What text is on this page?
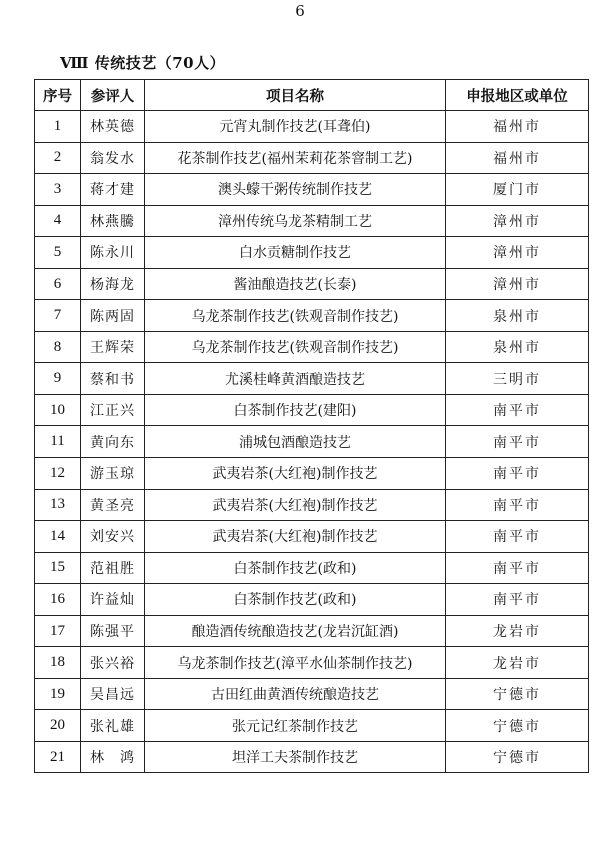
6
Ⅷ 传统技艺（70人）
序号	参评人	项目名称	申报地区或单位
1	林英德	元宵丸制作技艺(耳聋伯)	福州市
2	翁发水	花茶制作技艺(福州茉莉花茶窨制工艺)	福州市
3	蒋才建	澳头蠓干粥传统制作技艺	厦门市
4	林燕騰	漳州传统乌龙茶精制工艺	漳州市
5	陈永川	白水贡糖制作技艺	漳州市
6	杨海龙	酱油酿造技艺(长泰)	漳州市
7	陈两固	乌龙茶制作技艺(铁观音制作技艺)	泉州市
8	王辉荣	乌龙茶制作技艺(铁观音制作技艺)	泉州市
9	蔡和书	尤溪桂峰黄酒酿造技艺	三明市
10	江正兴	白茶制作技艺(建阳)	南平市
11	黄向东	浦城包酒酿造技艺	南平市
12	游玉琼	武夷岩茶(大红袍)制作技艺	南平市
13	黄圣亮	武夷岩茶(大红袍)制作技艺	南平市
14	刘安兴	武夷岩茶(大红袍)制作技艺	南平市
15	范祖胜	白茶制作技艺(政和)	南平市
16	许益灿	白茶制作技艺(政和)	南平市
17	陈强平	酿造酒传统酿造技艺(龙岩沉缸酒)	龙岩市
18	张兴裕	乌龙茶制作技艺(漳平水仙茶制作技艺)	龙岩市
19	吴昌远	古田红曲黄酒传统酿造技艺	宁德市
20	张礼雄	张元记红茶制作技艺	宁德市
21	林　鸿	坦洋工夫茶制作技艺	宁德市
